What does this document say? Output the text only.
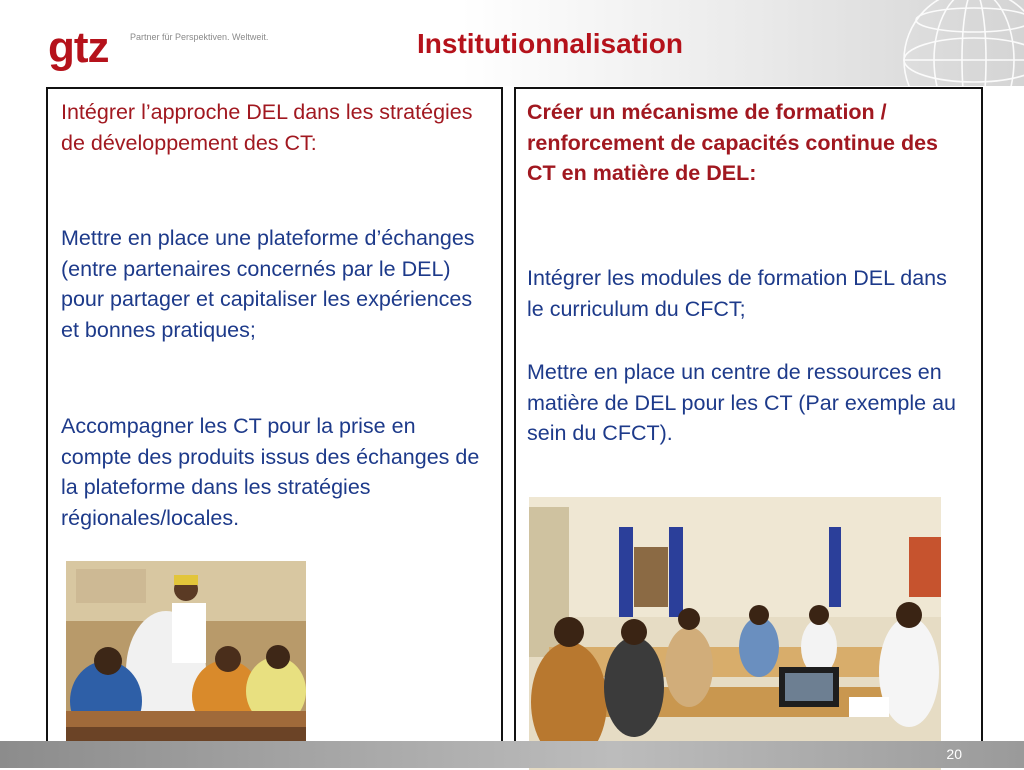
gtz Partner für Perspektiven. Weltweit.	Institutionnalisation

Intégrer l’approche DEL dans les stratégies de développement des CT:

Mettre en place une plateforme d’échanges (entre partenaires concernés par le DEL) pour partager et capitaliser les expériences et bonnes pratiques;

Accompagner les CT pour la prise en compte des produits issus des échanges de la plateforme dans les stratégies régionales/locales.

Créer un mécanisme de formation / renforcement de capacités continue des CT en matière de DEL:

Intégrer les modules de formation DEL dans le curriculum du CFCT;

Mettre en place un centre de ressources en matière de DEL pour les CT (Par exemple au sein du CFCT).

20
